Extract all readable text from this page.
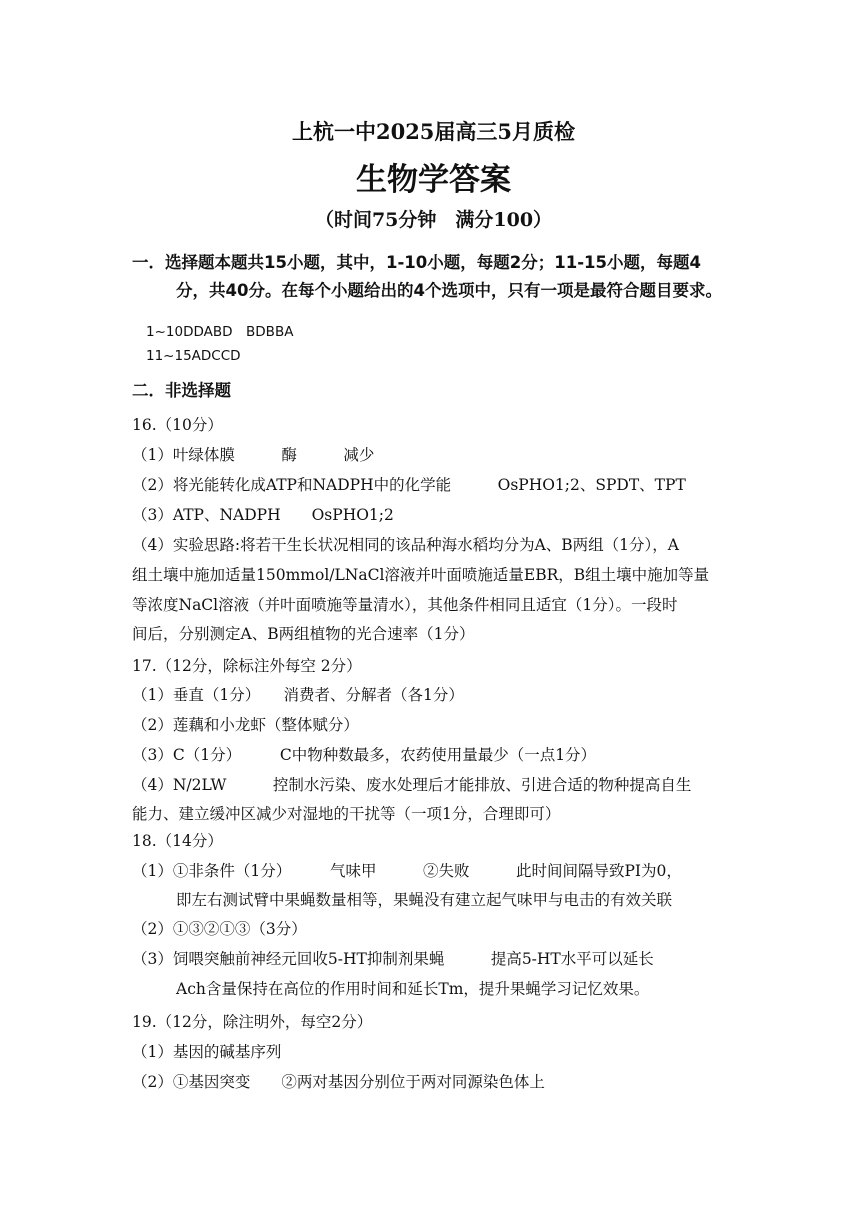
上杭一中2025届高三5月质检
生物学答案
（时间75分钟　满分100）
一．选择题本题共15小题，其中，1-10小题，每题2分；11-15小题，每题4
分，共40分。在每个小题给出的4个选项中，只有一项是最符合题目要求。
1~10DDABD　BDBBA
11~15ADCCD
二．非选择题
16.（10分）
（1）叶绿体膜　　　酶　　　减少
（2）将光能转化成ATP和NADPH中的化学能　　　OsPHO1;2、SPDT、TPT
（3）ATP、NADPH　　OsPHO1;2
（4）实验思路:将若干生长状况相同的该品种海水稻均分为A、B两组（1分），A
组土壤中施加适量150mmol/LNaCl溶液并叶面喷施适量EBR，B组土壤中施加等量
等浓度NaCl溶液（并叶面喷施等量清水），其他条件相同且适宜（1分）。一段时
间后，分别测定A、B两组植物的光合速率（1分）
17.（12分，除标注外每空 2分）
（1）垂直（1分）　　消费者、分解者（各1分）
（2）莲藕和小龙虾（整体赋分）
（3）C（1分）　　　C中物种数最多，农药使用量最少（一点1分）
（4）N/2LW　　　控制水污染、废水处理后才能排放、引进合适的物种提高自生
能力、建立缓冲区减少对湿地的干扰等（一项1分，合理即可）
18.（14分）
（1）①非条件（1分）　　　气味甲　　　②失败　　　此时间间隔导致PI为0，
即左右测试臂中果蝇数量相等，果蝇没有建立起气味甲与电击的有效关联
（2）①③②①③（3分）
（3）饲喂突触前神经元回收5-HT抑制剂果蝇　　　提高5-HT水平可以延长
Ach含量保持在高位的作用时间和延长Tm，提升果蝇学习记忆效果。
19.（12分，除注明外，每空2分）
（1）基因的碱基序列
（2）①基因突变　　②两对基因分别位于两对同源染色体上
